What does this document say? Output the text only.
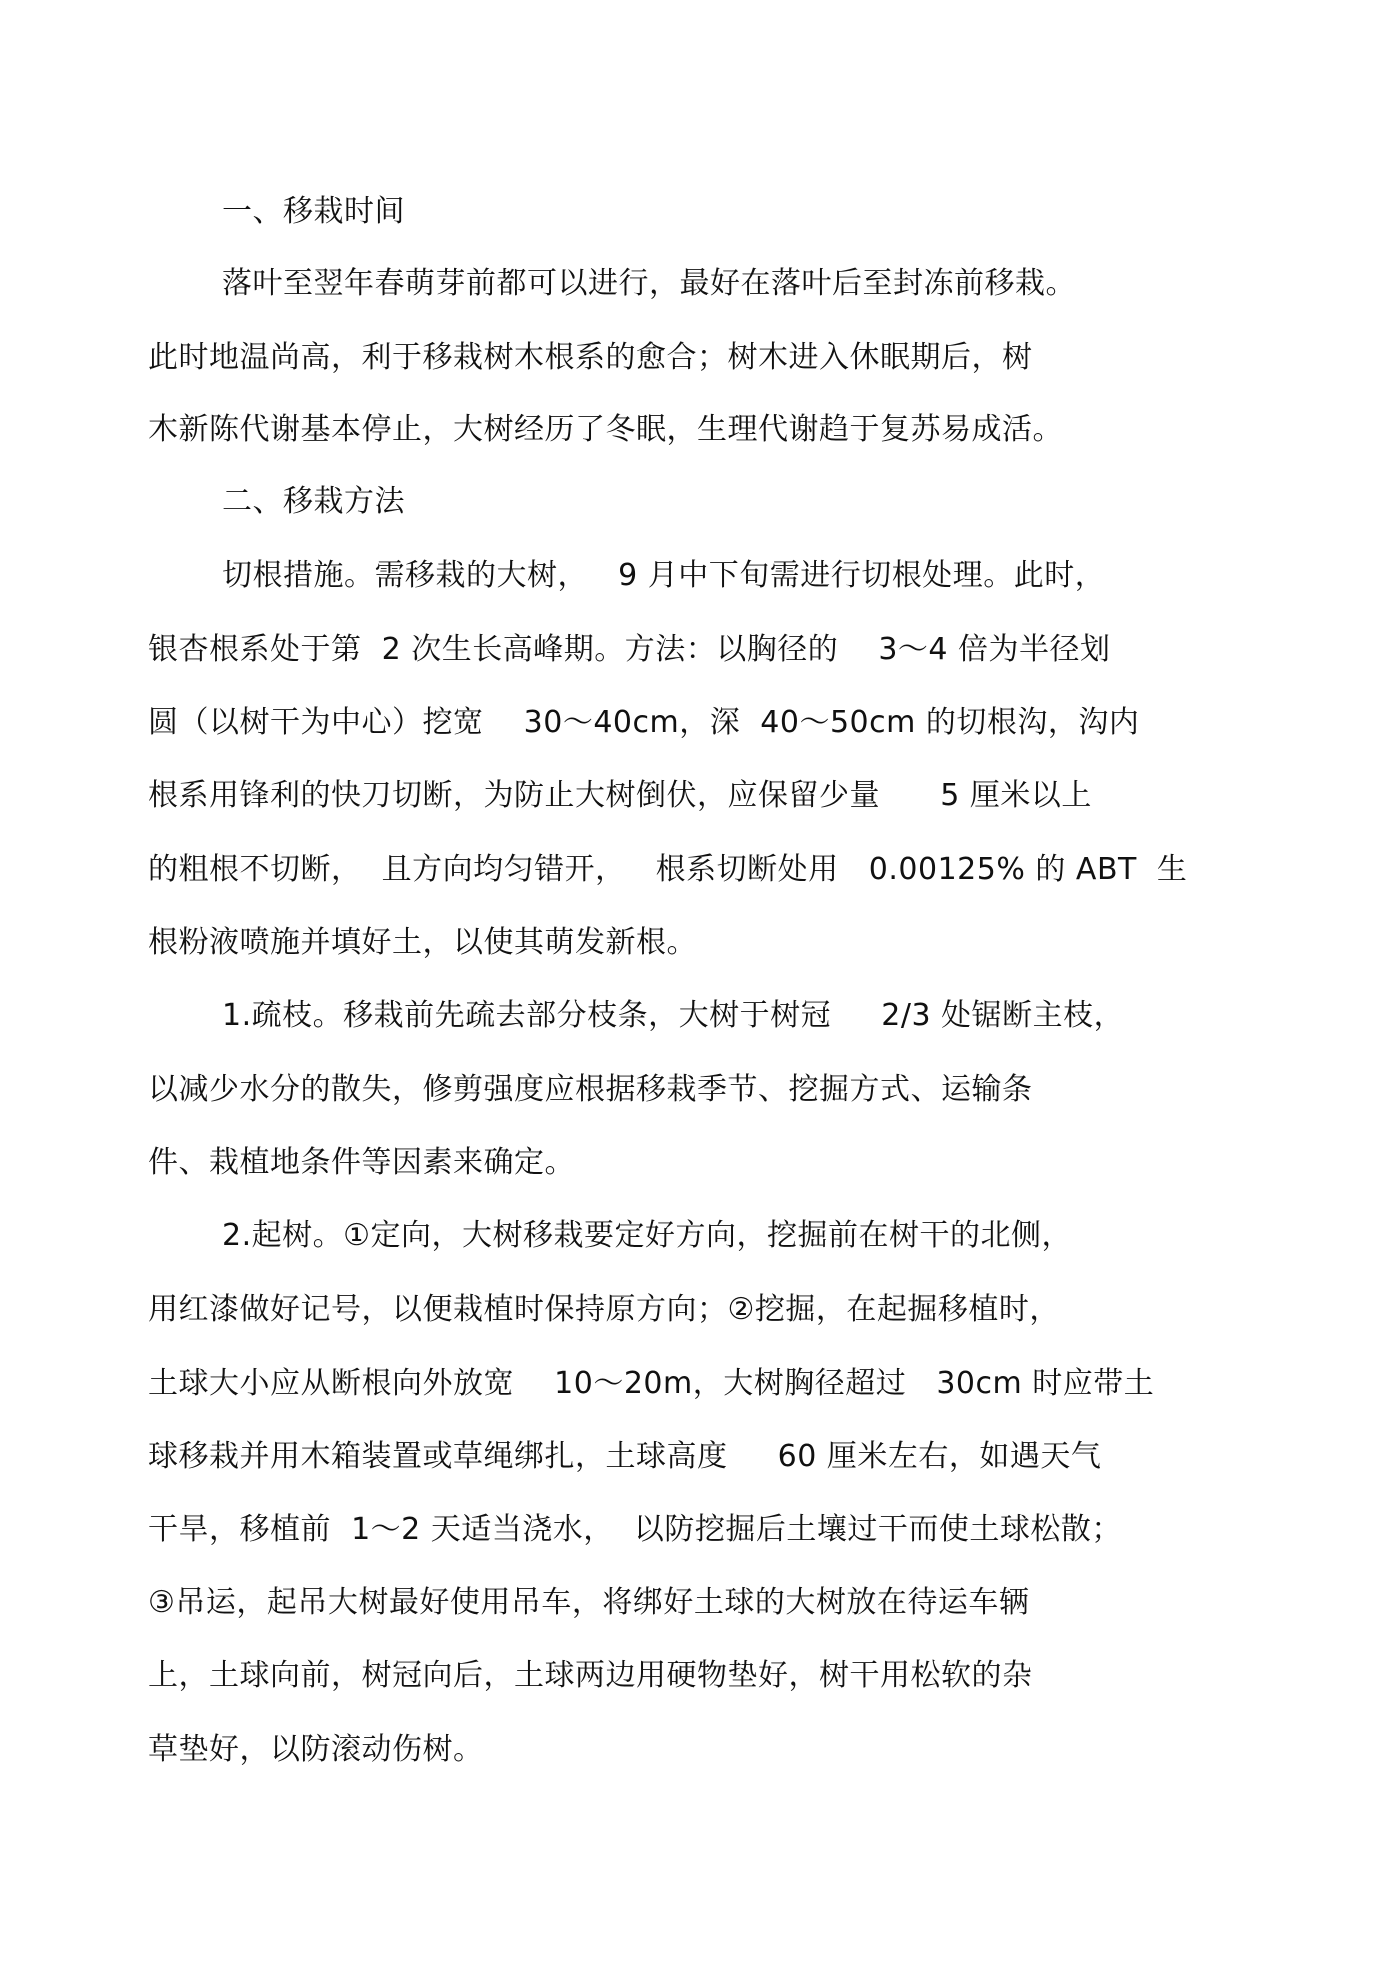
一、移栽时间
落叶至翌年春萌芽前都可以进行，最好在落叶后至封冻前移栽。
此时地温尚高，利于移栽树木根系的愈合；树木进入休眠期后，树
木新陈代谢基本停止，大树经历了冬眠，生理代谢趋于复苏易成活。
二、移栽方法
切根措施。需移栽的大树，   9 月中下旬需进行切根处理。此时，
银杏根系处于第  2 次生长高峰期。方法：以胸径的    3～4 倍为半径划
圆（以树干为中心）挖宽    30～40cm，深  40～50cm 的切根沟，沟内
根系用锋利的快刀切断，为防止大树倒伏，应保留少量      5 厘米以上
的粗根不切断，  且方向均匀错开，   根系切断处用   0.00125% 的 ABT  生
根粉液喷施并填好土，以使其萌发新根。
1.疏枝。移栽前先疏去部分枝条，大树于树冠     2/3 处锯断主枝，
以减少水分的散失，修剪强度应根据移栽季节、挖掘方式、运输条
件、栽植地条件等因素来确定。
2.起树。①定向，大树移栽要定好方向，挖掘前在树干的北侧，
用红漆做好记号，以便栽植时保持原方向；②挖掘，在起掘移植时，
土球大小应从断根向外放宽    10～20m，大树胸径超过   30cm 时应带土
球移栽并用木箱装置或草绳绑扎，土球高度     60 厘米左右，如遇天气
干旱，移植前  1～2 天适当浇水，  以防挖掘后土壤过干而使土球松散；
③吊运，起吊大树最好使用吊车，将绑好土球的大树放在待运车辆
上，土球向前，树冠向后，土球两边用硬物垫好，树干用松软的杂
草垫好，以防滚动伤树。
